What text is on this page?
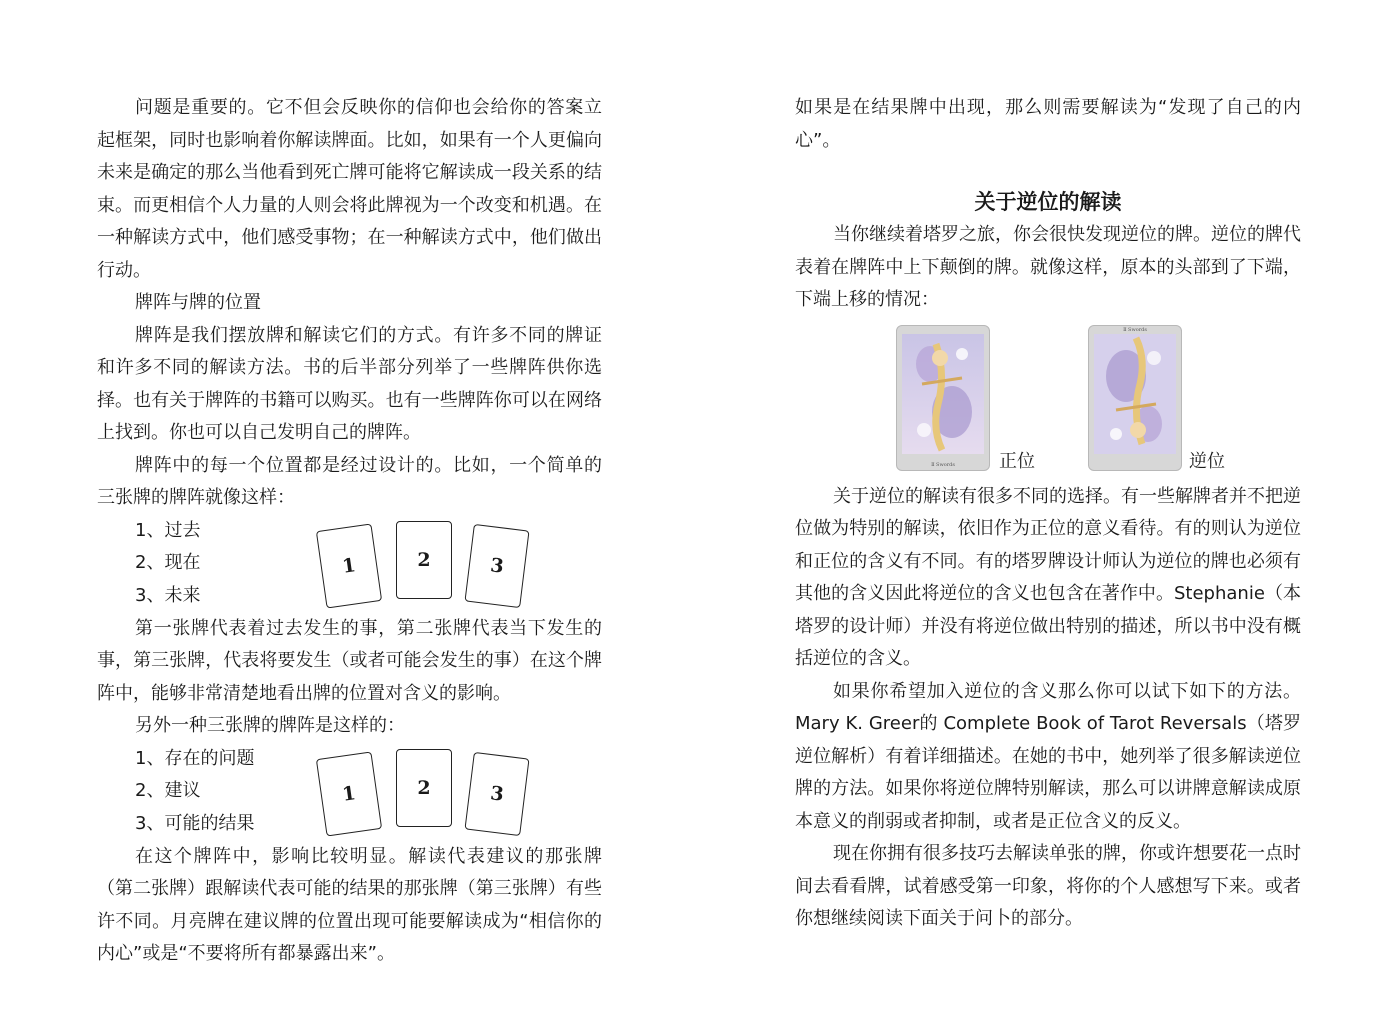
问题是重要的。它不但会反映你的信仰也会给你的答案立起框架，同时也影响着你解读牌面。比如，如果有一个人更偏向未来是确定的那么当他看到死亡牌可能将它解读成一段关系的结束。而更相信个人力量的人则会将此牌视为一个改变和机遇。在一种解读方式中，他们感受事物；在一种解读方式中，他们做出行动。

牌阵与牌的位置

牌阵是我们摆放牌和解读它们的方式。有许多不同的牌证和许多不同的解读方法。书的后半部分列举了一些牌阵供你选择。也有关于牌阵的书籍可以购买。也有一些牌阵你可以在网络上找到。你也可以自己发明自己的牌阵。

牌阵中的每一个位置都是经过设计的。比如，一个简单的三张牌的牌阵就像这样：

1、过去
2、现在
3、未来
1	2	3

第一张牌代表着过去发生的事，第二张牌代表当下发生的事，第三张牌，代表将要发生（或者可能会发生的事）在这个牌阵中，能够非常清楚地看出牌的位置对含义的影响。

另外一种三张牌的牌阵是这样的：

1、存在的问题
2、建议
3、可能的结果
1	2	3

在这个牌阵中，影响比较明显。解读代表建议的那张牌（第二张牌）跟解读代表可能的结果的那张牌（第三张牌）有些许不同。月亮牌在建议牌的位置出现可能要解读成为“相信你的内心”或是“不要将所有都暴露出来”。

如果是在结果牌中出现，那么则需要解读为“发现了自己的内心”。

关于逆位的解读

当你继续着塔罗之旅，你会很快发现逆位的牌。逆位的牌代表着在牌阵中上下颠倒的牌。就像这样，原本的头部到了下端，下端上移的情况：

Ⅱ Swords	正位
Ⅱ Swords
逆位

关于逆位的解读有很多不同的选择。有一些解牌者并不把逆位做为特别的解读，依旧作为正位的意义看待。有的则认为逆位和正位的含义有不同。有的塔罗牌设计师认为逆位的牌也必须有其他的含义因此将逆位的含义也包含在著作中。Stephanie（本塔罗的设计师）并没有将逆位做出特别的描述，所以书中没有概括逆位的含义。

如果你希望加入逆位的含义那么你可以试下如下的方法。 Mary K. Greer的 Complete Book of Tarot Reversals（塔罗逆位解析）有着详细描述。在她的书中，她列举了很多解读逆位牌的方法。如果你将逆位牌特别解读，那么可以讲牌意解读成原本意义的削弱或者抑制，或者是正位含义的反义。

现在你拥有很多技巧去解读单张的牌，你或许想要花一点时间去看看牌，试着感受第一印象，将你的个人感想写下来。或者你想继续阅读下面关于问卜的部分。
